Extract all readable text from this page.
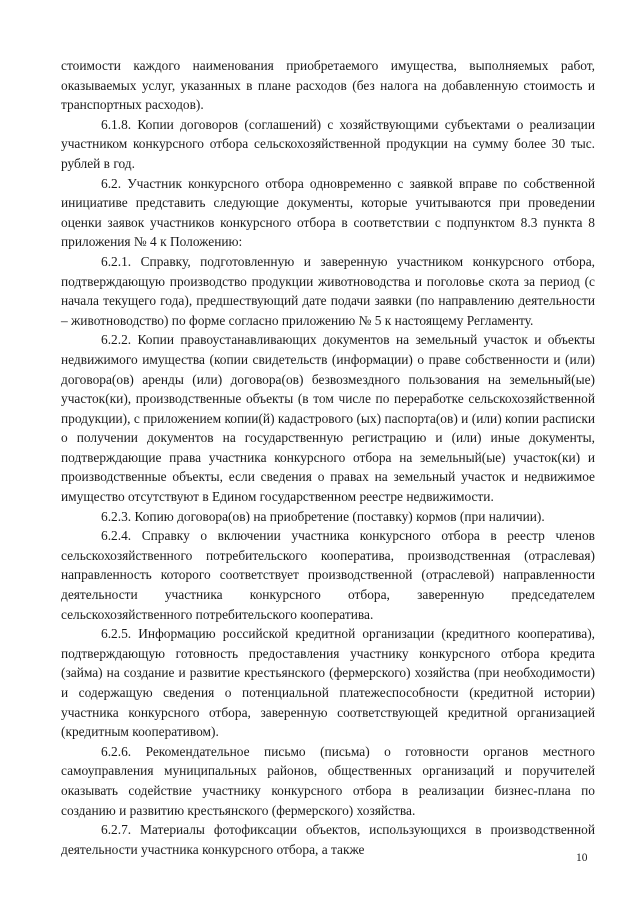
стоимости каждого наименования приобретаемого имущества, выполняемых работ, оказываемых услуг, указанных в плане расходов (без налога на добавленную стоимость и транспортных расходов).

6.1.8. Копии договоров (соглашений) с хозяйствующими субъектами о реализации участником конкурсного отбора сельскохозяйственной продукции на сумму более 30 тыс. рублей в год.

6.2. Участник конкурсного отбора одновременно с заявкой вправе по собственной инициативе представить следующие документы, которые учитываются при проведении оценки заявок участников конкурсного отбора в соответствии с подпунктом 8.3 пункта 8 приложения № 4 к Положению:

6.2.1. Справку, подготовленную и заверенную участником конкурсного отбора, подтверждающую производство продукции животноводства и поголовье скота за период (с начала текущего года), предшествующий дате подачи заявки (по направлению деятельности – животноводство) по форме согласно приложению № 5 к настоящему Регламенту.

6.2.2. Копии правоустанавливающих документов на земельный участок и объекты недвижимого имущества (копии свидетельств (информации) о праве собственности и (или) договора(ов) аренды (или) договора(ов) безвозмездного пользования на земельный(ые) участок(ки), производственные объекты (в том числе по переработке сельскохозяйственной продукции), с приложением копии(й) кадастрового (ых) паспорта(ов) и (или) копии расписки о получении документов на государственную регистрацию и (или) иные документы, подтверждающие права участника конкурсного отбора на земельный(ые) участок(ки) и производственные объекты, если сведения о правах на земельный участок и недвижимое имущество отсутствуют в Едином государственном реестре недвижимости.

6.2.3. Копию договора(ов) на приобретение (поставку) кормов (при наличии).

6.2.4. Справку о включении участника конкурсного отбора в реестр членов сельскохозяйственного потребительского кооператива, производственная (отраслевая) направленность которого соответствует производственной (отраслевой) направленности деятельности участника конкурсного отбора, заверенную председателем сельскохозяйственного потребительского кооператива.

6.2.5. Информацию российской кредитной организации (кредитного кооператива), подтверждающую готовность предоставления участнику конкурсного отбора кредита (займа) на создание и развитие крестьянского (фермерского) хозяйства (при необходимости) и содержащую сведения о потенциальной платежеспособности (кредитной истории) участника конкурсного отбора, заверенную соответствующей кредитной организацией (кредитным кооперативом).

6.2.6. Рекомендательное письмо (письма) о готовности органов местного самоуправления муниципальных районов, общественных организаций и поручителей оказывать содействие участнику конкурсного отбора в реализации бизнес-плана по созданию и развитию крестьянского (фермерского) хозяйства.

6.2.7. Материалы фотофиксации объектов, использующихся в производственной деятельности участника конкурсного отбора, а также

10
